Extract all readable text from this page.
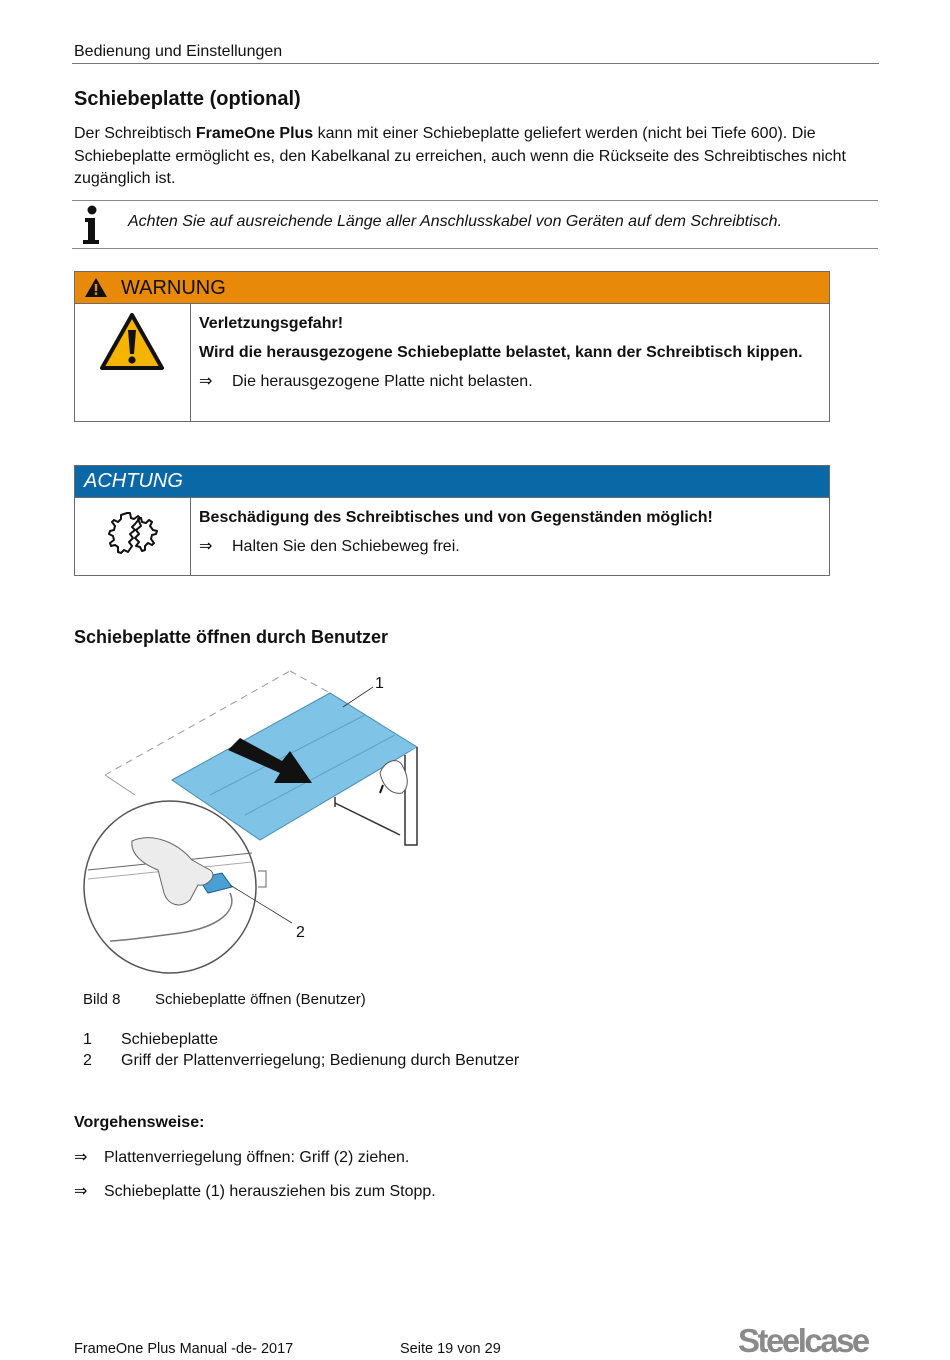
Bedienung und Einstellungen
Schiebeplatte (optional)
Der Schreibtisch FrameOne Plus kann mit einer Schiebeplatte geliefert werden (nicht bei Tiefe 600). Die Schiebeplatte ermöglicht es, den Kabelkanal zu erreichen, auch wenn die Rückseite des Schreibtisches nicht zugänglich ist.
Achten Sie auf ausreichende Länge aller Anschlusskabel von Geräten auf dem Schreibtisch.
WARNUNG

Verletzungsgefahr!

Wird die herausgezogene Schiebeplatte belastet, kann der Schreibtisch kippen.

⇒ Die herausgezogene Platte nicht belasten.
ACHTUNG

Beschädigung des Schreibtisches und von Gegenständen möglich!

⇒ Halten Sie den Schiebeweg frei.
Schiebeplatte öffnen durch Benutzer
1
2
Bild 8 Schiebeplatte öffnen (Benutzer)
1 Schiebeplatte
2 Griff der Plattenverriegelung; Bedienung durch Benutzer
Vorgehensweise:
⇒ Plattenverriegelung öffnen: Griff (2) ziehen.
⇒ Schiebeplatte (1) herausziehen bis zum Stopp.
FrameOne Plus Manual -de- 2017	Seite 19 von 29	Steelcase
